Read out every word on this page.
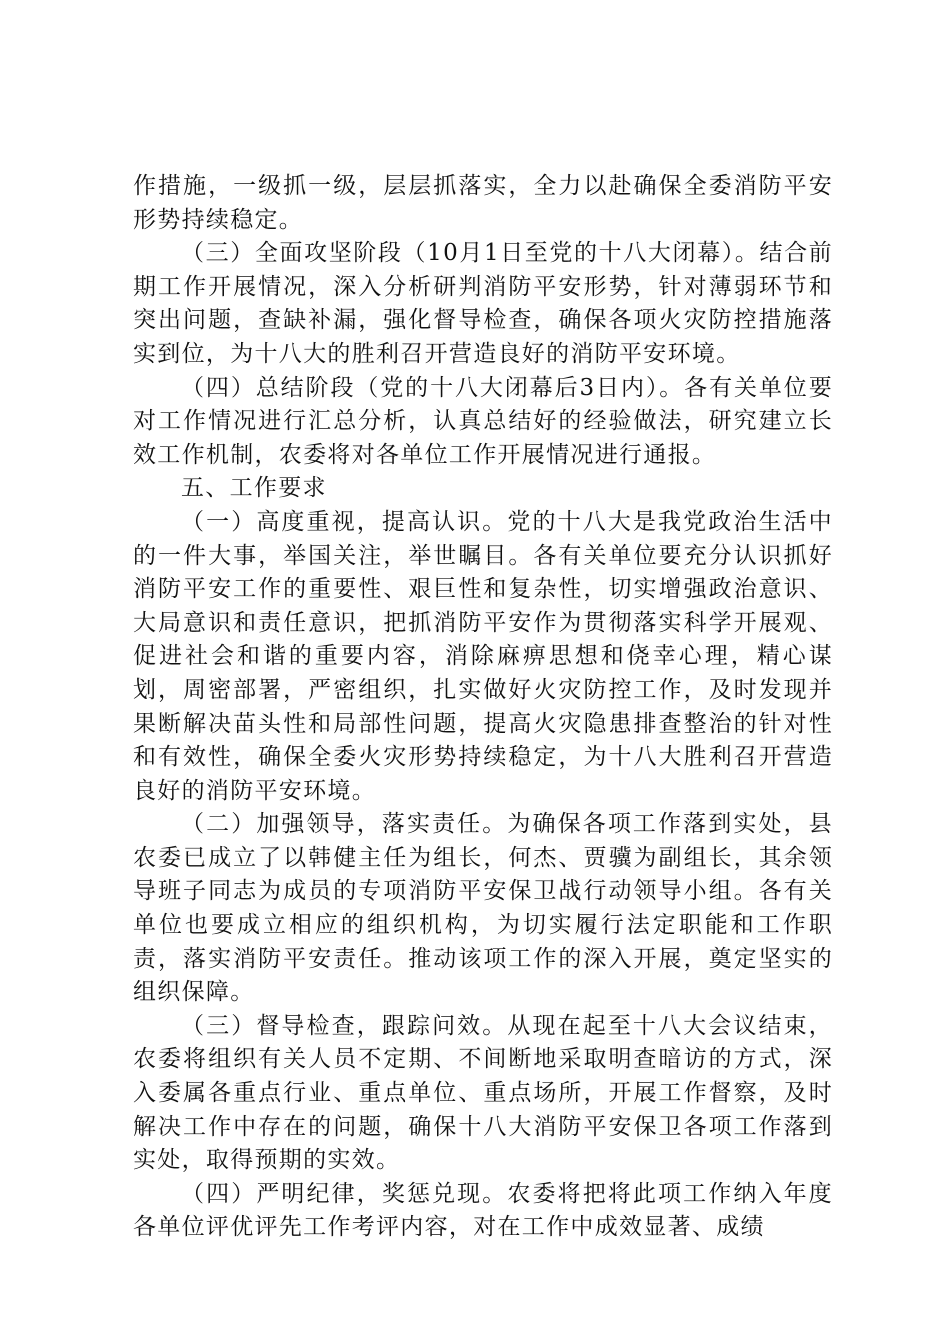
作措施，一级抓一级，层层抓落实，全力以赴确保全委消防平安形势持续稳定。

（三）全面攻坚阶段（10月1日至党的十八大闭幕）。结合前期工作开展情况，深入分析研判消防平安形势，针对薄弱环节和突出问题，查缺补漏，强化督导检查，确保各项火灾防控措施落实到位，为十八大的胜利召开营造良好的消防平安环境。

（四）总结阶段（党的十八大闭幕后3日内）。各有关单位要对工作情况进行汇总分析，认真总结好的经验做法，研究建立长效工作机制，农委将对各单位工作开展情况进行通报。

五、工作要求

（一）高度重视，提高认识。党的十八大是我党政治生活中的一件大事，举国关注，举世瞩目。各有关单位要充分认识抓好消防平安工作的重要性、艰巨性和复杂性，切实增强政治意识、大局意识和责任意识，把抓消防平安作为贯彻落实科学开展观、促进社会和谐的重要内容，消除麻痹思想和侥幸心理，精心谋划，周密部署，严密组织，扎实做好火灾防控工作，及时发现并果断解决苗头性和局部性问题，提高火灾隐患排查整治的针对性和有效性，确保全委火灾形势持续稳定，为十八大胜利召开营造良好的消防平安环境。

（二）加强领导，落实责任。为确保各项工作落到实处，县农委已成立了以韩健主任为组长，何杰、贾骥为副组长，其余领导班子同志为成员的专项消防平安保卫战行动领导小组。各有关单位也要成立相应的组织机构，为切实履行法定职能和工作职责，落实消防平安责任。推动该项工作的深入开展，奠定坚实的组织保障。

（三）督导检查，跟踪问效。从现在起至十八大会议结束，农委将组织有关人员不定期、不间断地采取明查暗访的方式，深入委属各重点行业、重点单位、重点场所，开展工作督察，及时解决工作中存在的问题，确保十八大消防平安保卫各项工作落到实处，取得预期的实效。

（四）严明纪律，奖惩兑现。农委将把将此项工作纳入年度各单位评优评先工作考评内容，对在工作中成效显著、成绩
